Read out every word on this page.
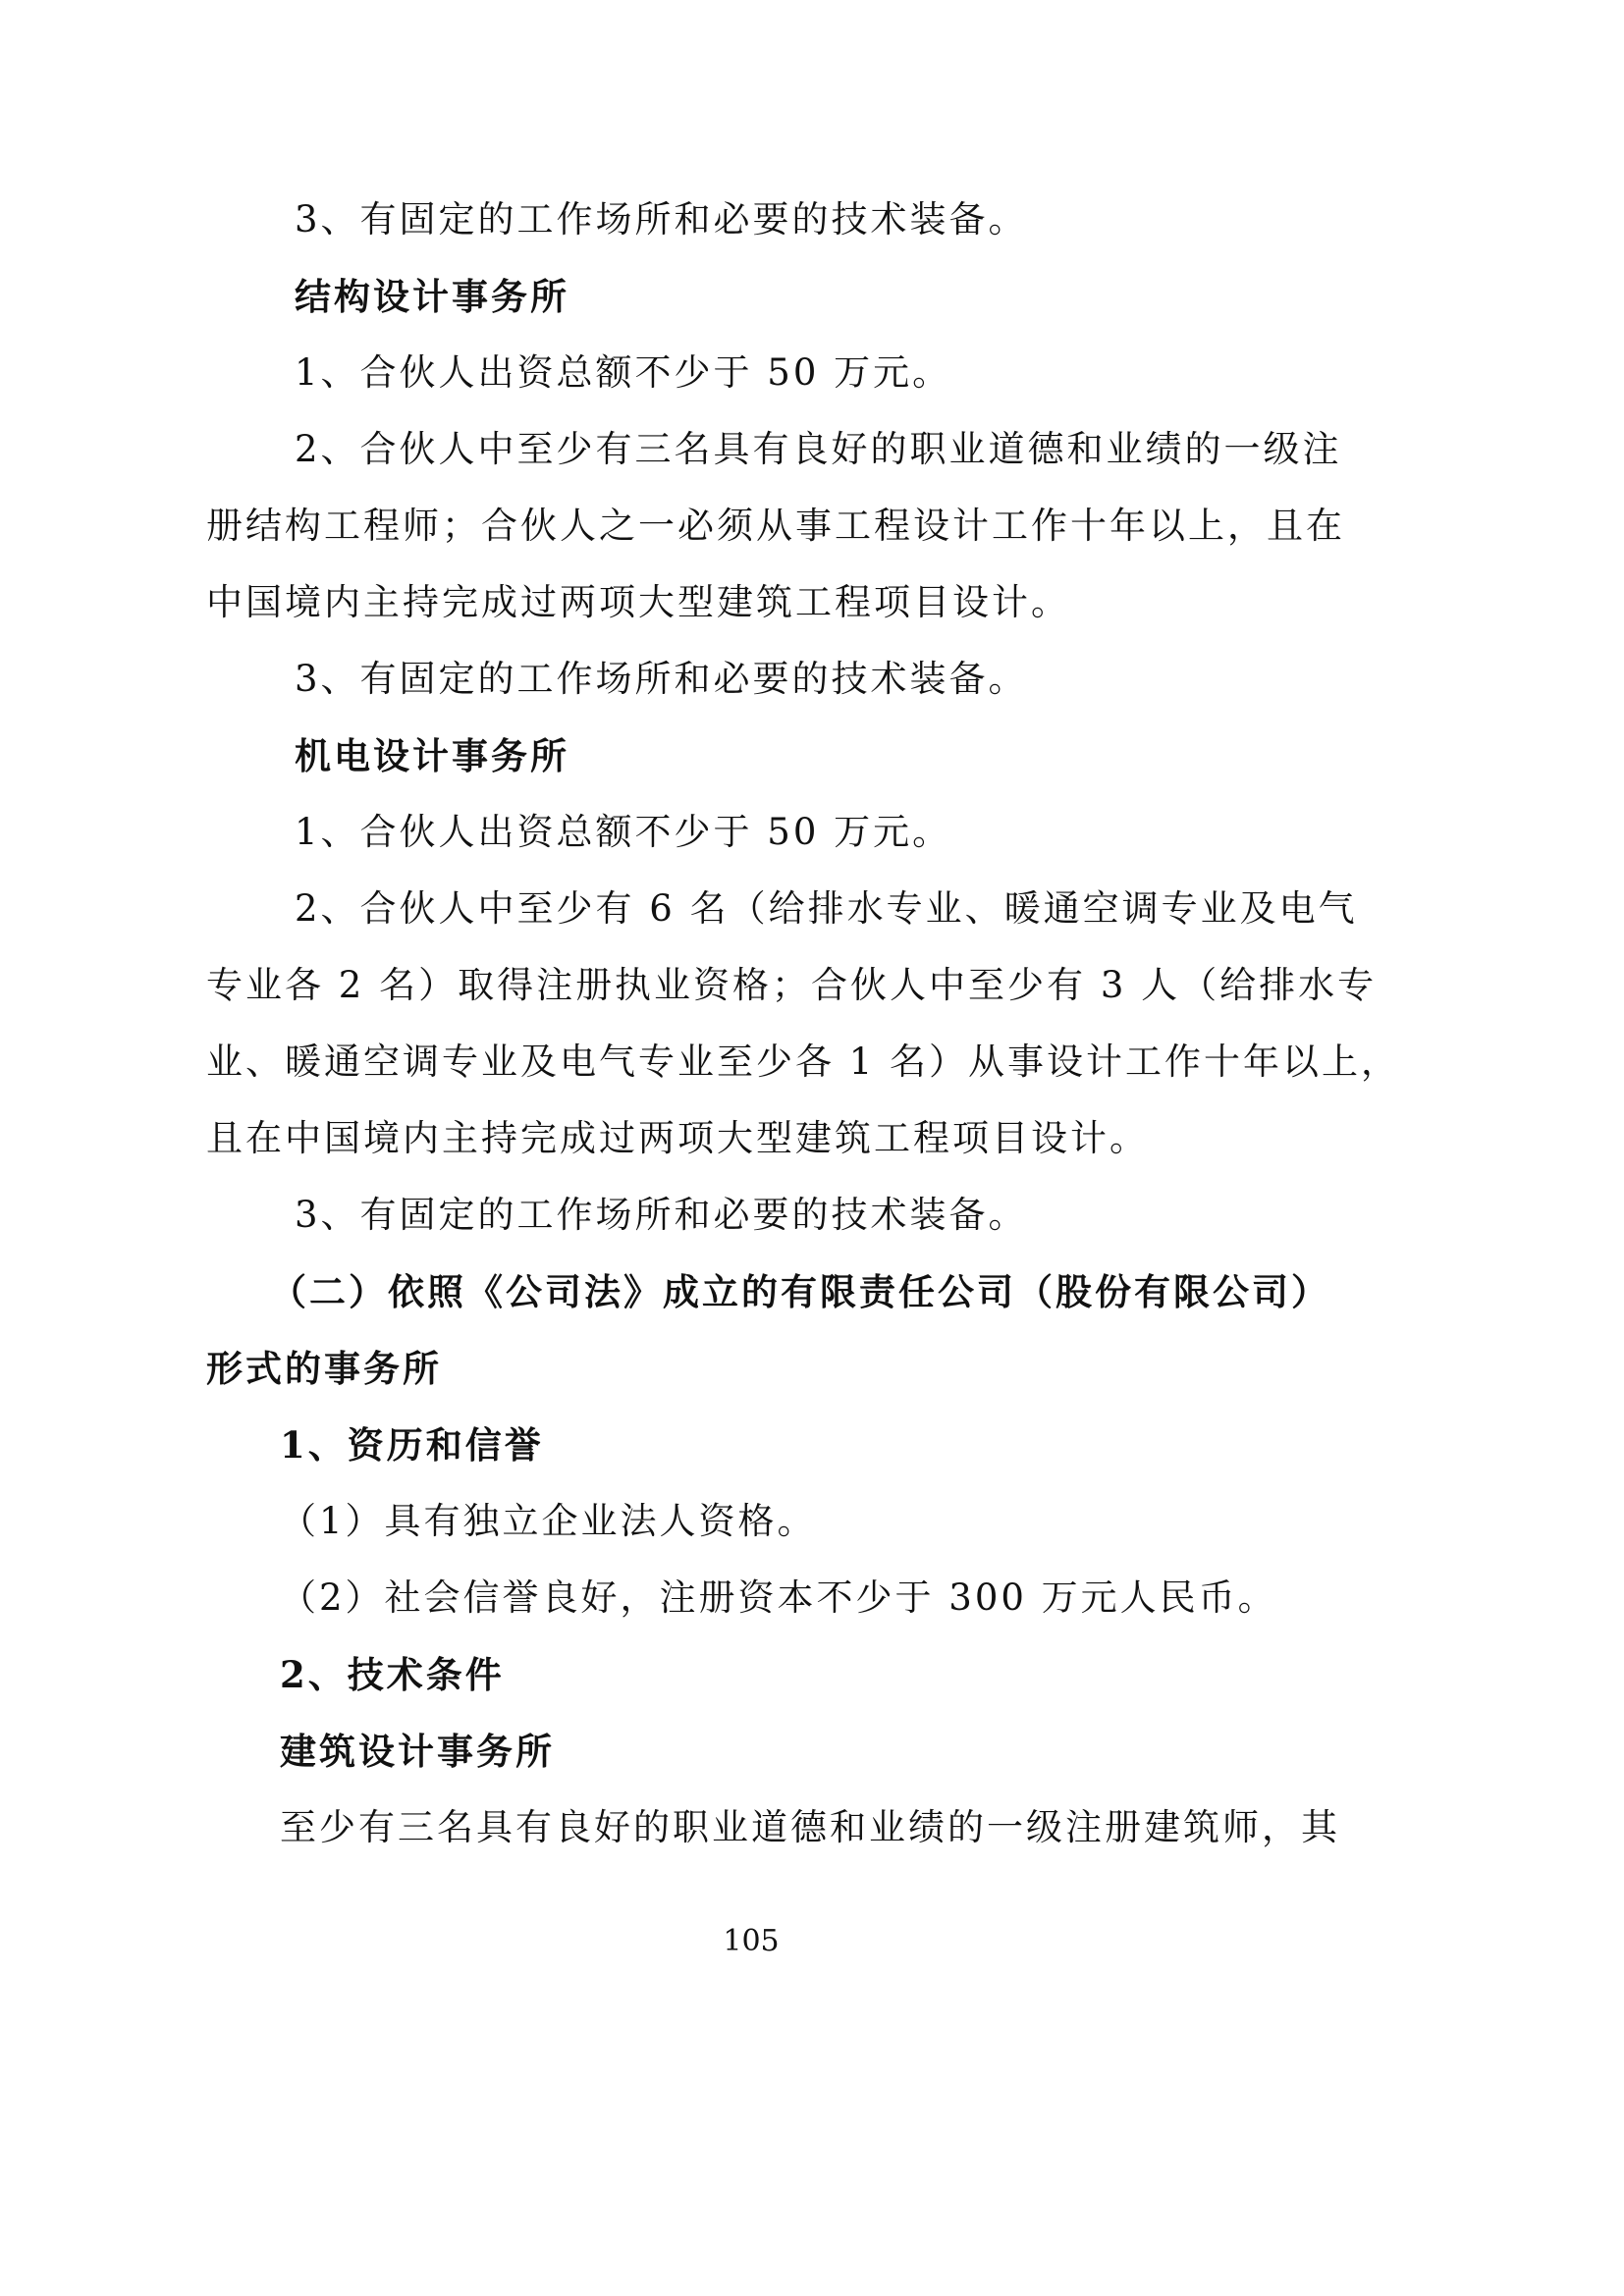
3、有固定的工作场所和必要的技术装备。
结构设计事务所
1、合伙人出资总额不少于 50 万元。
2、合伙人中至少有三名具有良好的职业道德和业绩的一级注
册结构工程师；合伙人之一必须从事工程设计工作十年以上，且在
中国境内主持完成过两项大型建筑工程项目设计。
3、有固定的工作场所和必要的技术装备。
机电设计事务所
1、合伙人出资总额不少于 50 万元。
2、合伙人中至少有 6 名（给排水专业、暖通空调专业及电气
专业各 2 名）取得注册执业资格；合伙人中至少有 3 人（给排水专
业、暖通空调专业及电气专业至少各 1 名）从事设计工作十年以上，
且在中国境内主持完成过两项大型建筑工程项目设计。
3、有固定的工作场所和必要的技术装备。
（二）依照《公司法》成立的有限责任公司（股份有限公司）
形式的事务所
1、资历和信誉
（1）具有独立企业法人资格。
（2）社会信誉良好，注册资本不少于 300 万元人民币。
2、技术条件
建筑设计事务所
至少有三名具有良好的职业道德和业绩的一级注册建筑师，其
105
